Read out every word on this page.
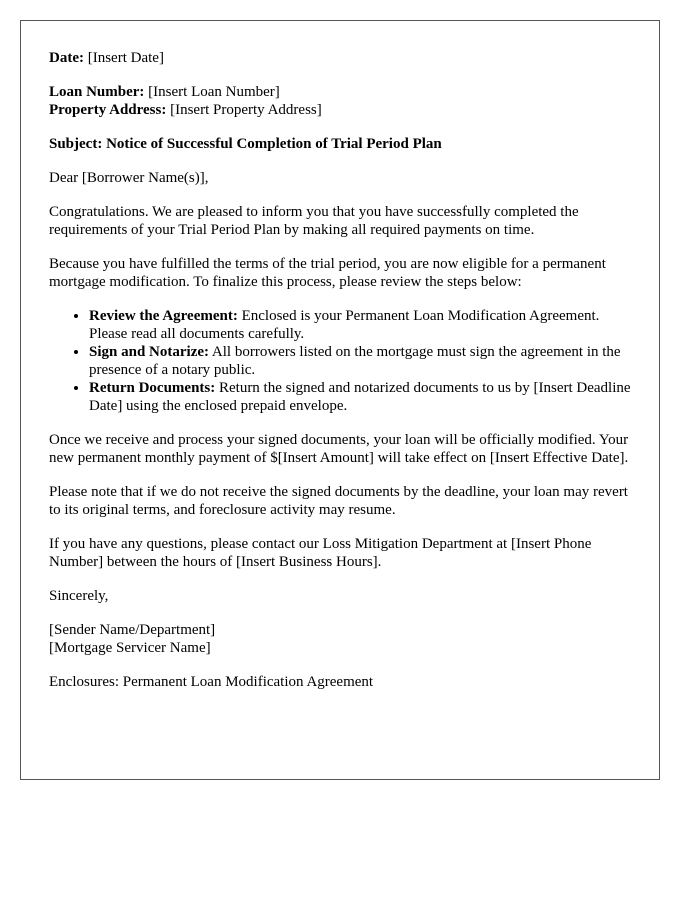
Date: [Insert Date]

Loan Number: [Insert Loan Number]
Property Address: [Insert Property Address]

Subject: Notice of Successful Completion of Trial Period Plan

Dear [Borrower Name(s)],

Congratulations. We are pleased to inform you that you have successfully completed the requirements of your Trial Period Plan by making all required payments on time.

Because you have fulfilled the terms of the trial period, you are now eligible for a permanent mortgage modification. To finalize this process, please review the steps below:

• Review the Agreement: Enclosed is your Permanent Loan Modification Agreement. Please read all documents carefully.
• Sign and Notarize: All borrowers listed on the mortgage must sign the agreement in the presence of a notary public.
• Return Documents: Return the signed and notarized documents to us by [Insert Deadline Date] using the enclosed prepaid envelope.

Once we receive and process your signed documents, your loan will be officially modified. Your new permanent monthly payment of $[Insert Amount] will take effect on [Insert Effective Date].

Please note that if we do not receive the signed documents by the deadline, your loan may revert to its original terms, and foreclosure activity may resume.

If you have any questions, please contact our Loss Mitigation Department at [Insert Phone Number] between the hours of [Insert Business Hours].

Sincerely,

[Sender Name/Department]
[Mortgage Servicer Name]

Enclosures: Permanent Loan Modification Agreement
